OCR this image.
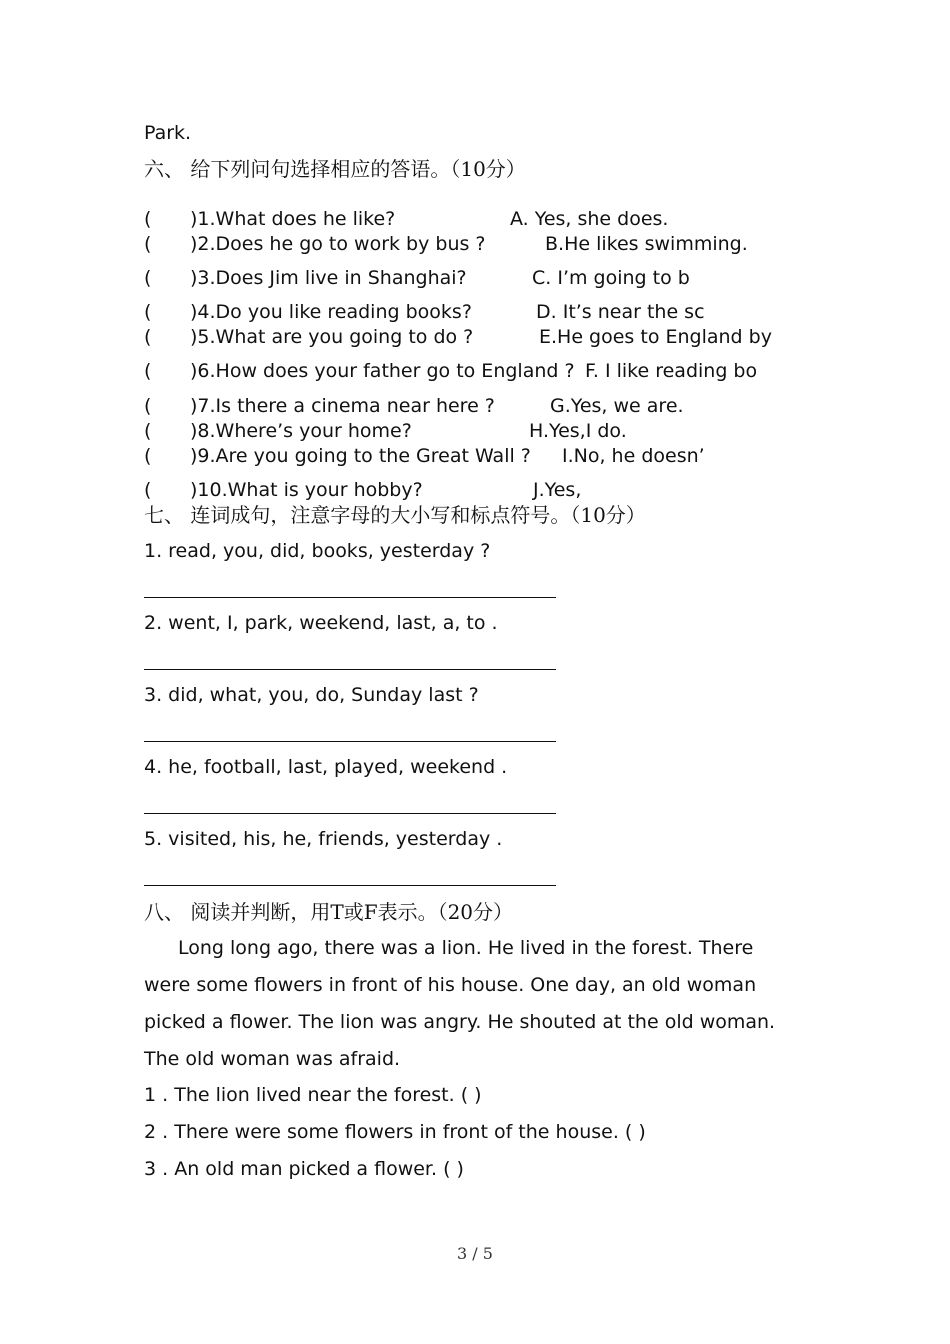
Park.
六、 给下列问句选择相应的答语。（10分）
( )1.What does he like?	A. Yes, she does.
( )2.Does he go to work by bus ?	B.He likes swimming.
( )3.Does Jim live in Shanghai?	C. I’m going to b
( )4.Do you like reading books?	D. It’s near the sc
( )5.What are you going to do ?	E.He goes to England by
( )6.How does your father go to England ? F. I like reading bo
( )7.Is there a cinema near here ?	G.Yes, we are.
( )8.Where’s your home?	H.Yes,I do.
( )9.Are you going to the Great Wall ? I.No, he doesn’
( )10.What is your hobby?	J.Yes,
七、 连词成句，注意字母的大小写和标点符号。（10分）
1. read, you, did, books, yesterday ?
2. went, I, park, weekend, last, a, to .
3. did, what, you, do, Sunday last ?
4. he, football, last, played, weekend .
5. visited, his, he, friends, yesterday .
八、 阅读并判断，用T或F表示。（20分）
Long long ago, there was a lion. He lived in the forest. There
were some flowers in front of his house. One day, an old woman
picked a flower. The lion was angry. He shouted at the old woman.
The old woman was afraid.
1 . The lion lived near the forest. ( )
2 . There were some flowers in front of the house. ( )
3 . An old man picked a flower. ( )
3 / 5
